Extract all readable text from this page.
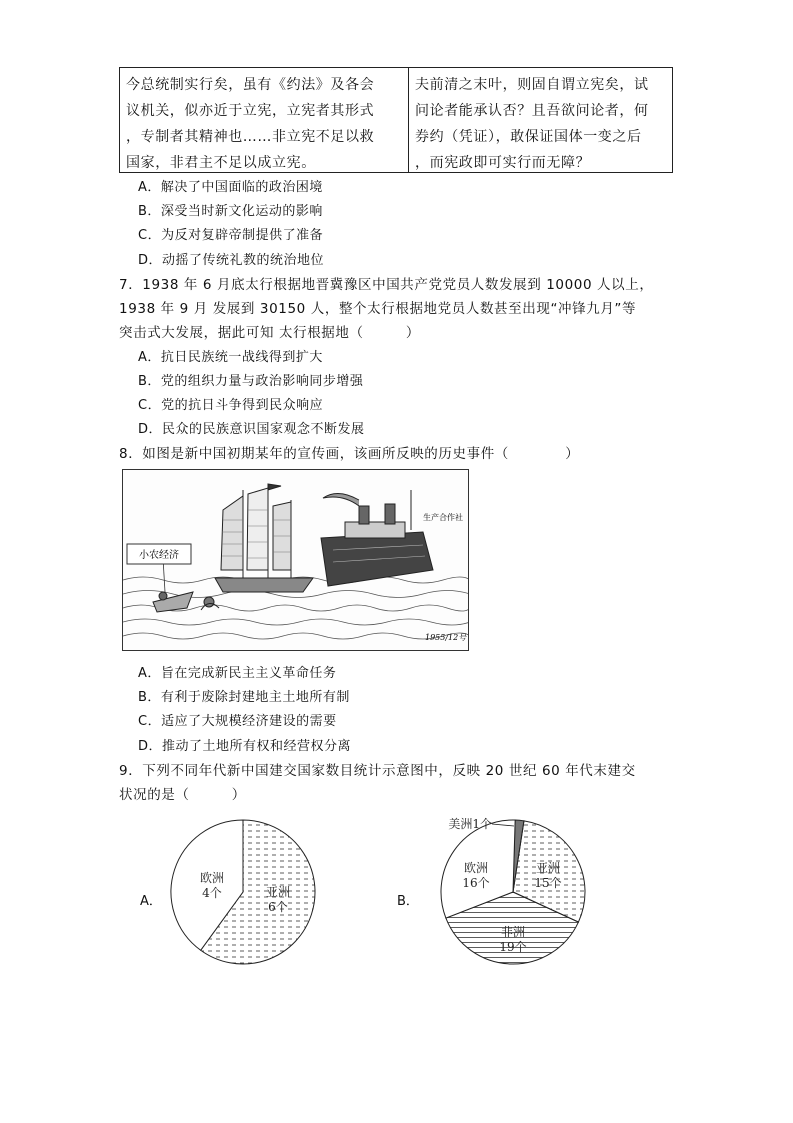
今总统制实行矣，虽有《约法》及各会
议机关，似亦近于立宪，立宪者其形式
，专制者其精神也……非立宪不足以救
国家，非君主不足以成立宪。
夫前清之末叶，则固自谓立宪矣，试
问论者能承认否？且吾欲问论者，何
券约（凭证），敢保证国体一变之后
，而宪政即可实行而无障？
A．解决了中国面临的政治困境
B．深受当时新文化运动的影响
C．为反对复辟帝制提供了准备
D．动摇了传统礼教的统治地位
7．1938 年 6 月底太行根据地晋冀豫区中国共产党党员人数发展到 10000 人以上，
1938 年 9 月 发展到 30150 人，整个太行根据地党员人数甚至出现“冲锋九月”等
突击式大发展，据此可知 太行根据地（　　　）
A．抗日民族统一战线得到扩大
B．党的组织力量与政治影响同步增强
C．党的抗日斗争得到民众响应
D．民众的民族意识国家观念不断发展
8．如图是新中国初期某年的宣传画，该画所反映的历史事件（　　　　）
小农经济
生产合作社
1955/12号
A．旨在完成新民主主义革命任务
B．有利于废除封建地主土地所有制
C．适应了大规模经济建设的需要
D．推动了土地所有权和经营权分离
9．下列不同年代新中国建交国家数目统计示意图中，反映 20 世纪 60 年代末建交
状况的是（　　　）
A．	B．
欧洲
4个	亚洲
6个
非洲
19个
欧洲
16个
亚洲
15个
美洲1个
